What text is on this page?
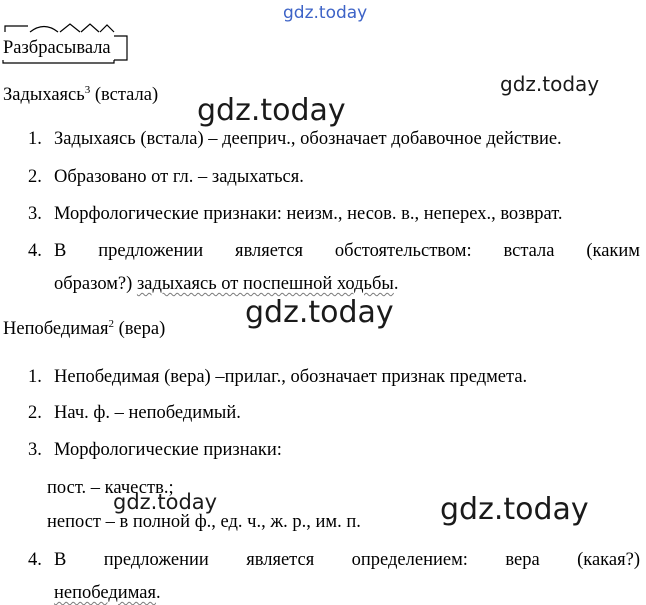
gdz.today
gdz.today
gdz.today
gdz.today
gdz.today	gdz.today
Разбрасывала
Задыхаясь$^3$ (встала)
1. Задыхаясь (встала) – дееприч., обозначает добавочное действие.
2. Образовано от гл. – задыхаться.
3. Морфологические признаки: неизм., несов. в., неперех., возврат.
4. В предложении является обстоятельством: встала (каким
образом?) задыхаясь от поспешной ходьбы.
Непобедимая$^2$ (вера)
1. Непобедимая (вера) –прилаг., обозначает признак предмета.
2. Нач. ф. – непобедимый.
3. Морфологические признаки:
пост. – качеств.;
непост – в полной ф., ед. ч., ж. р., им. п.
4. В предложении является определением: вера (какая?)
непобедимая.
